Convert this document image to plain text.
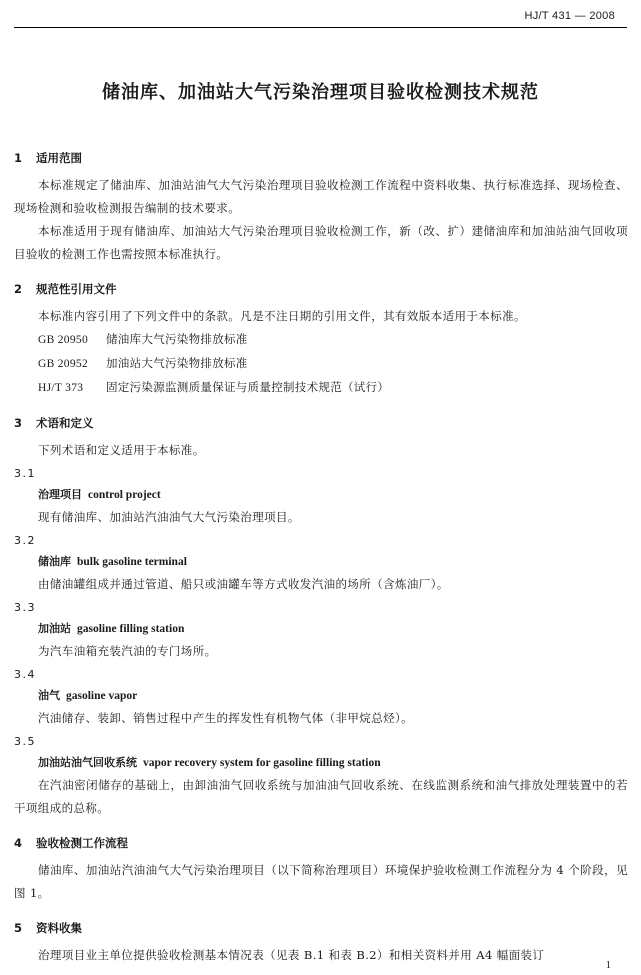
HJ/T 431 — 2008
储油库、加油站大气污染治理项目验收检测技术规范
1 适用范围

本标准规定了储油库、加油站油气大气污染治理项目验收检测工作流程中资料收集、执行标准选择、现场检查、现场检测和验收检测报告编制的技术要求。

本标准适用于现有储油库、加油站大气污染治理项目验收检测工作，新（改、扩）建储油库和加油站油气回收项目验收的检测工作也需按照本标准执行。

2 规范性引用文件

本标准内容引用了下列文件中的条款。凡是不注日期的引用文件，其有效版本适用于本标准。

GB 20950 储油库大气污染物排放标准
GB 20952 加油站大气污染物排放标准
HJ/T 373 固定污染源监测质量保证与质量控制技术规范（试行）
3 术语和定义

下列术语和定义适用于本标准。

3.1
治理项目 control project

现有储油库、加油站汽油油气大气污染治理项目。

3.2
储油库 bulk gasoline terminal

由储油罐组成并通过管道、船只或油罐车等方式收发汽油的场所（含炼油厂）。

3.3
加油站 gasoline filling station

为汽车油箱充装汽油的专门场所。

3.4
油气 gasoline vapor

汽油储存、装卸、销售过程中产生的挥发性有机物气体（非甲烷总烃）。

3.5
加油站油气回收系统 vapor recovery system for gasoline filling station

在汽油密闭储存的基础上，由卸油油气回收系统与加油油气回收系统、在线监测系统和油气排放处理装置中的若干项组成的总称。

4 验收检测工作流程

储油库、加油站汽油油气大气污染治理项目（以下简称治理项目）环境保护验收检测工作流程分为 4 个阶段，见图 1。

5 资料收集

治理项目业主单位提供验收检测基本情况表（见表 B.1 和表 B.2）和相关资料并用 A4 幅面装订

1
